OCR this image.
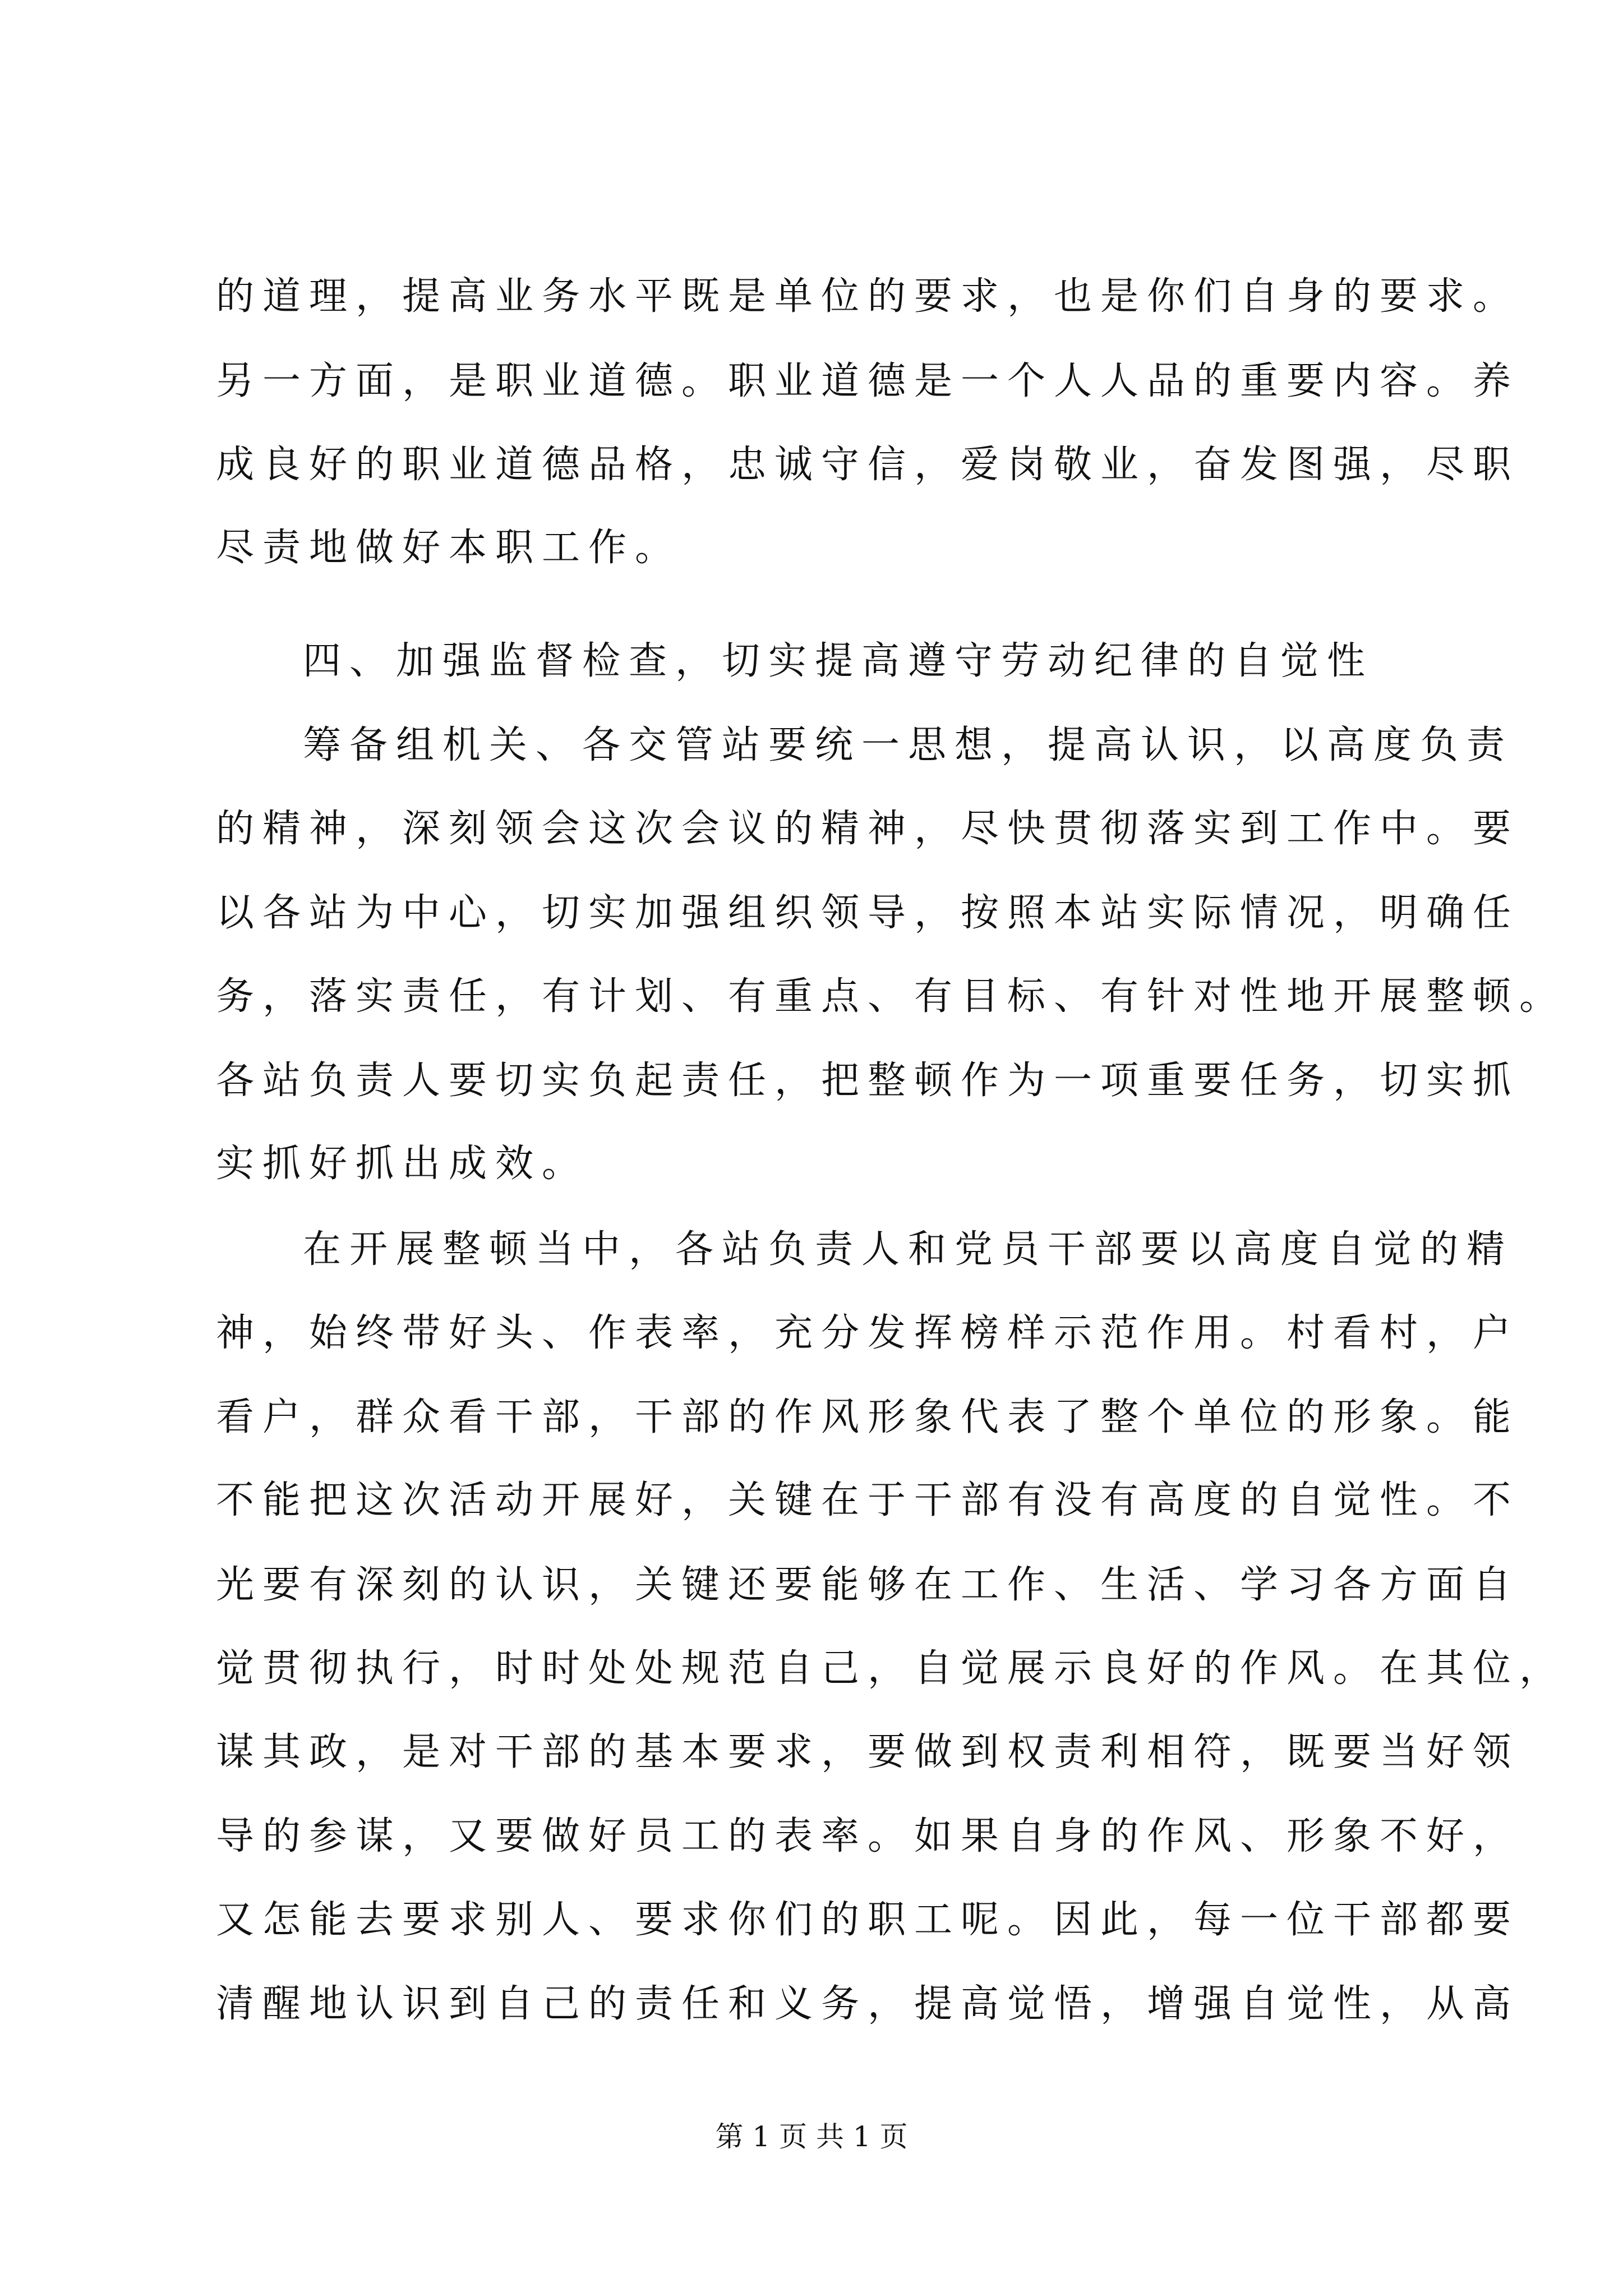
的道理，提高业务水平既是单位的要求，也是你们自身的要求。
另一方面，是职业道德。职业道德是一个人人品的重要内容。养
成良好的职业道德品格，忠诚守信，爱岗敬业，奋发图强，尽职
尽责地做好本职工作。
四、加强监督检查，切实提高遵守劳动纪律的自觉性
筹备组机关、各交管站要统一思想，提高认识，以高度负责
的精神，深刻领会这次会议的精神，尽快贯彻落实到工作中。要
以各站为中心，切实加强组织领导，按照本站实际情况，明确任
务，落实责任，有计划、有重点、有目标、有针对性地开展整顿。
各站负责人要切实负起责任，把整顿作为一项重要任务，切实抓
实抓好抓出成效。
在开展整顿当中，各站负责人和党员干部要以高度自觉的精
神，始终带好头、作表率，充分发挥榜样示范作用。村看村，户
看户，群众看干部，干部的作风形象代表了整个单位的形象。能
不能把这次活动开展好，关键在于干部有没有高度的自觉性。不
光要有深刻的认识，关键还要能够在工作、生活、学习各方面自
觉贯彻执行，时时处处规范自己，自觉展示良好的作风。在其位，
谋其政，是对干部的基本要求，要做到权责利相符，既要当好领
导的参谋，又要做好员工的表率。如果自身的作风、形象不好，
又怎能去要求别人、要求你们的职工呢。因此，每一位干部都要
清醒地认识到自己的责任和义务，提高觉悟，增强自觉性，从高
第 1 页 共 1 页
